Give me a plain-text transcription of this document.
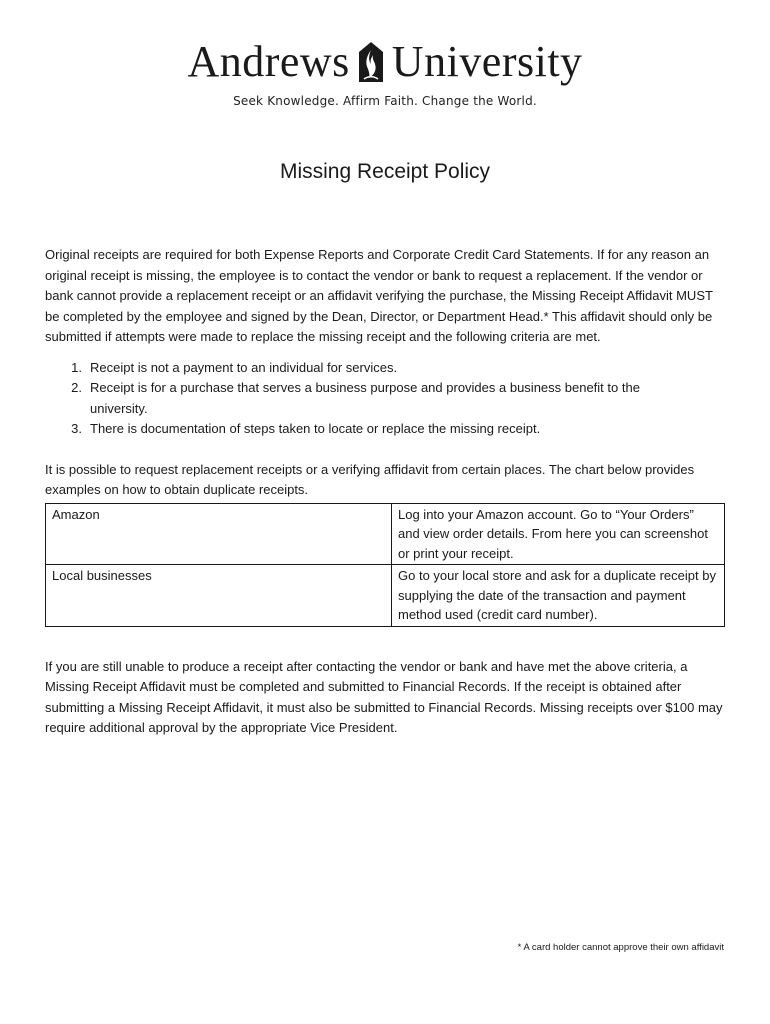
Andrews University
Seek Knowledge. Affirm Faith. Change the World.
Missing Receipt Policy

Original receipts are required for both Expense Reports and Corporate Credit Card Statements. If for any reason an original receipt is missing, the employee is to contact the vendor or bank to request a replacement. If the vendor or bank cannot provide a replacement receipt or an affidavit verifying the purchase, the Missing Receipt Affidavit MUST be completed by the employee and signed by the Dean, Director, or Department Head.* This affidavit should only be submitted if attempts were made to replace the missing receipt and the following criteria are met.

1. Receipt is not a payment to an individual for services.
2. Receipt is for a purchase that serves a business purpose and provides a business benefit to the university.
3. There is documentation of steps taken to locate or replace the missing receipt.

It is possible to request replacement receipts or a verifying affidavit from certain places. The chart below provides examples on how to obtain duplicate receipts.

Amazon	Log into your Amazon account. Go to “Your Orders” and view order details. From here you can screenshot or print your receipt.
Local businesses	Go to your local store and ask for a duplicate receipt by supplying the date of the transaction and payment method used (credit card number).

If you are still unable to produce a receipt after contacting the vendor or bank and have met the above criteria, a Missing Receipt Affidavit must be completed and submitted to Financial Records. If the receipt is obtained after submitting a Missing Receipt Affidavit, it must also be submitted to Financial Records. Missing receipts over $100 may require additional approval by the appropriate Vice President.

* A card holder cannot approve their own affidavit
